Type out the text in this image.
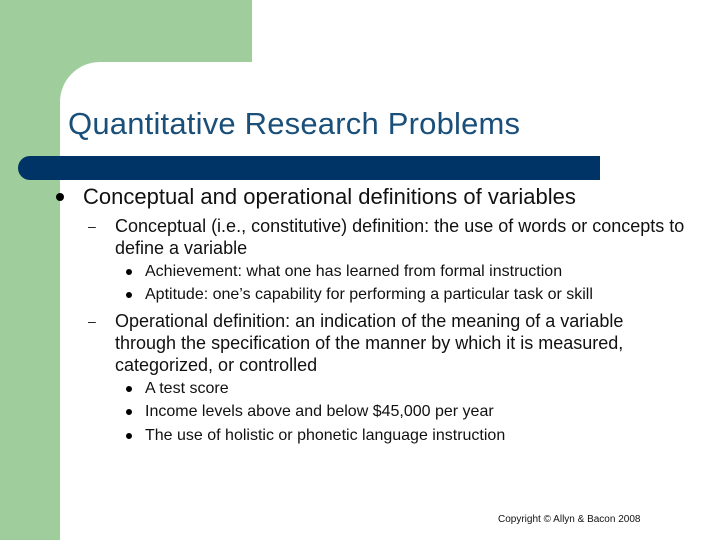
Quantitative Research Problems
Conceptual and operational definitions of variables
– Conceptual (i.e., constitutive) definition: the use of words or concepts to define a variable
Achievement: what one has learned from formal instruction
Aptitude: one’s capability for performing a particular task or skill
– Operational definition: an indication of the meaning of a variable through the specification of the manner by which it is measured, categorized, or controlled
A test score
Income levels above and below $45,000 per year
The use of holistic or phonetic language instruction
Copyright © Allyn & Bacon 2008
